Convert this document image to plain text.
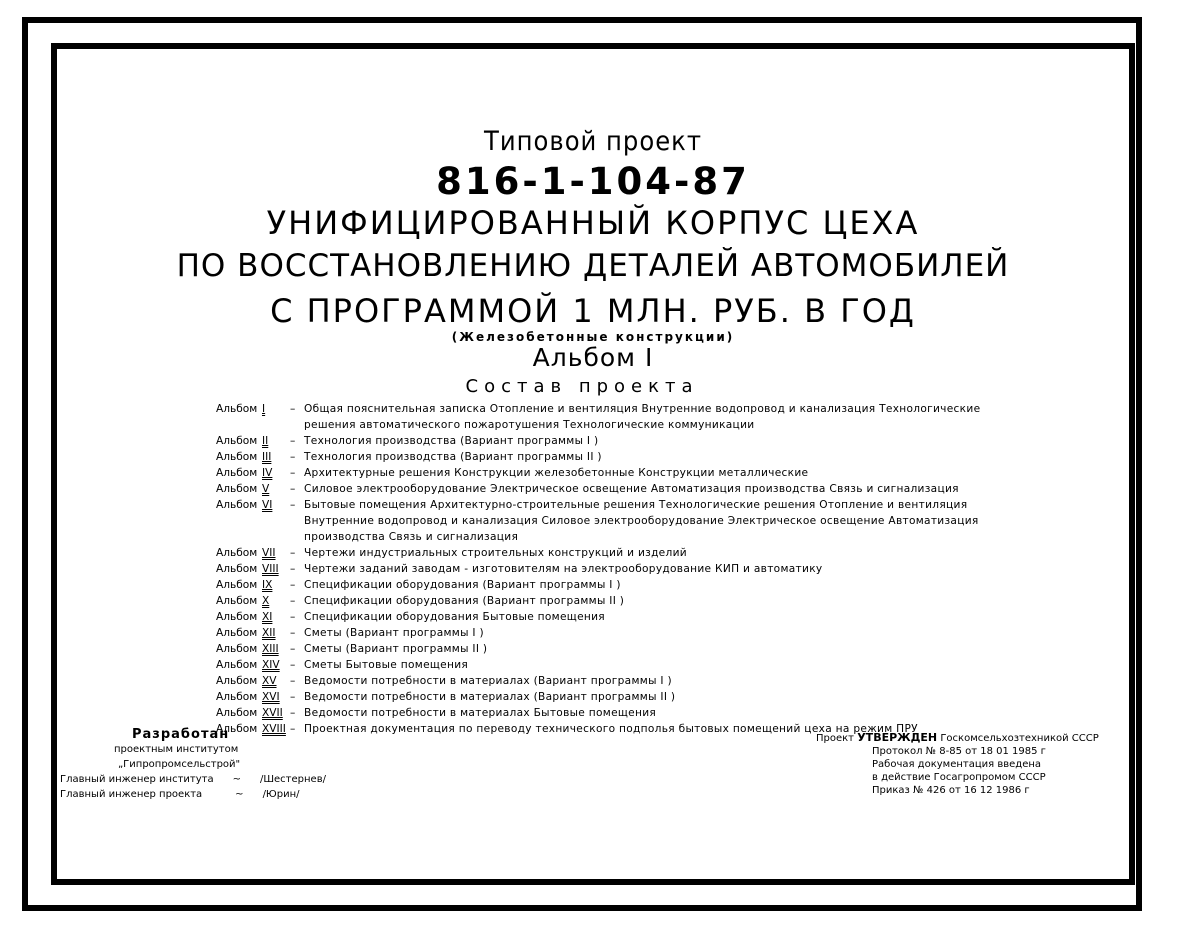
Типовой проект
816-1-104-87
УНИФИЦИРОВАННЫЙ КОРПУС ЦЕХА
ПО ВОССТАНОВЛЕНИЮ ДЕТАЛЕЙ АВТОМОБИЛЕЙ
С ПРОГРАММОЙ 1 МЛН. РУБ. В ГОД
(Железобетонные конструкции)
Альбом I
Состав проекта
Альбом I	– Общая пояснительная записка Отопление и вентиляция Внутренние водопровод и канализация Технологические решения автоматического пожаротушения Технологические коммуникации
Альбом II	– Технология производства (Вариант программы I )
Альбом III	– Технология производства (Вариант программы II )
Альбом IV	– Архитектурные решения Конструкции железобетонные Конструкции металлические
Альбом V	– Силовое электрооборудование Электрическое освещение Автоматизация производства Связь и сигнализация
Альбом VI	– Бытовые помещения Архитектурно-строительные решения Технологические решения Отопление и вентиляция Внутренние водопровод и канализация Силовое электрооборудование Электрическое освещение Автоматизация производства Связь и сигнализация
Альбом VII	– Чертежи индустриальных строительных конструкций и изделий
Альбом VIII	– Чертежи заданий заводам - изготовителям на электрооборудование КИП и автоматику
Альбом IX	– Спецификации оборудования (Вариант программы I )
Альбом X	– Спецификации оборудования (Вариант программы II )
Альбом XI	– Спецификации оборудования Бытовые помещения
Альбом XII	– Сметы (Вариант программы I )
Альбом XIII	– Сметы (Вариант программы II )
Альбом XIV – Сметы Бытовые помещения
Альбом XV	– Ведомости потребности в материалах (Вариант программы I )
Альбом XVI – Ведомости потребности в материалах (Вариант программы II )
Альбом XVII – Ведомости потребности в материалах Бытовые помещения
Альбом XVIII – Проектная документация по переводу технического подполья бытовых помещений цеха на режим ПРУ
Разработан
проектным институтом
„Гипропромсельстрой"
Главный инженер института ~ /Шестернев/
Главный инженер проекта	~ /Юрин/
Проект УТВЕРЖДЕН Госкомсельхозтехникой СССР
Протокол № 8-85 от 18 01 1985 г
Рабочая документация введена
в действие Госагропромом СССР
Приказ № 426 от 16 12 1986 г
